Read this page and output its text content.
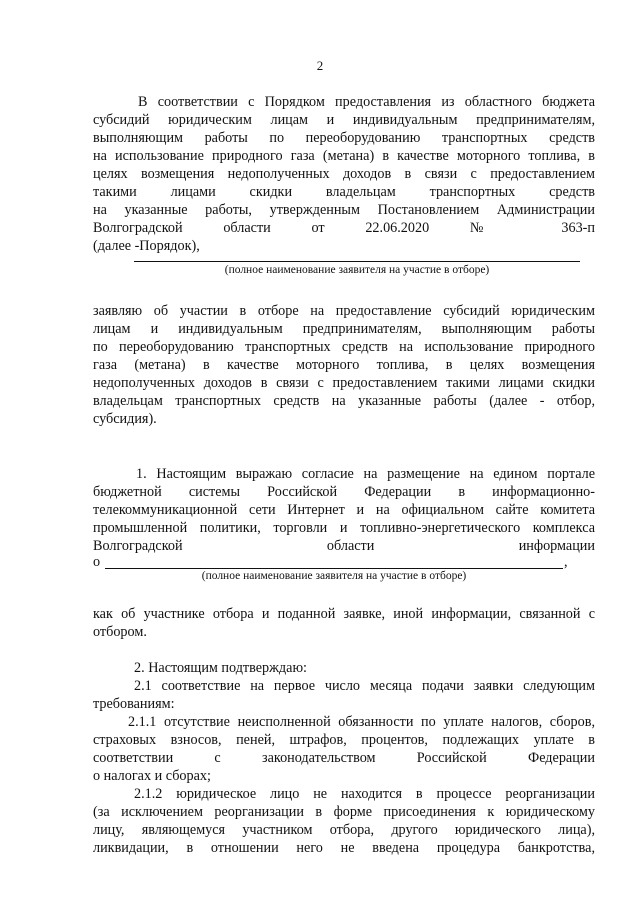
2
В соответствии с Порядком предоставления из областного бюджета
субсидий юридическим лицам и индивидуальным предпринимателям,
выполняющим работы по переоборудованию транспортных средств
на использование природного газа (метана) в качестве моторного топлива, в
целях возмещения недополученных доходов в связи с предоставлением
такими лицами скидки владельцам транспортных средств
на указанные работы, утвержденным Постановлением Администрации
Волгоградской области от 22.06.2020 № 363-п
(далее -Порядок),
(полное наименование заявителя на участие в отборе)
заявляю об участии в отборе на предоставление субсидий юридическим
лицам и индивидуальным предпринимателям, выполняющим работы
по переоборудованию транспортных средств на использование природного
газа (метана) в качестве моторного топлива, в целях возмещения
недополученных доходов в связи с предоставлением такими лицами скидки
владельцам транспортных средств на указанные работы (далее - отбор,
субсидия).
1. Настоящим выражаю согласие на размещение на едином портале
бюджетной системы Российской Федерации в информационно-
телекоммуникационной сети Интернет и на официальном сайте комитета
промышленной политики, торговли и топливно-энергетического комплекса
Волгоградской области информации
о	,
(полное наименование заявителя на участие в отборе)
как об участнике отбора и поданной заявке, иной информации, связанной с
отбором.
2. Настоящим подтверждаю:
2.1 соответствие на первое число месяца подачи заявки следующим
требованиям:
2.1.1 отсутствие неисполненной обязанности по уплате налогов, сборов,
страховых взносов, пеней, штрафов, процентов, подлежащих уплате в
соответствии с законодательством Российской Федерации
о налогах и сборах;
2.1.2 юридическое лицо не находится в процессе реорганизации
(за исключением реорганизации в форме присоединения к юридическому
лицу, являющемуся участником отбора, другого юридического лица),
ликвидации, в отношении него не введена процедура банкротства,
